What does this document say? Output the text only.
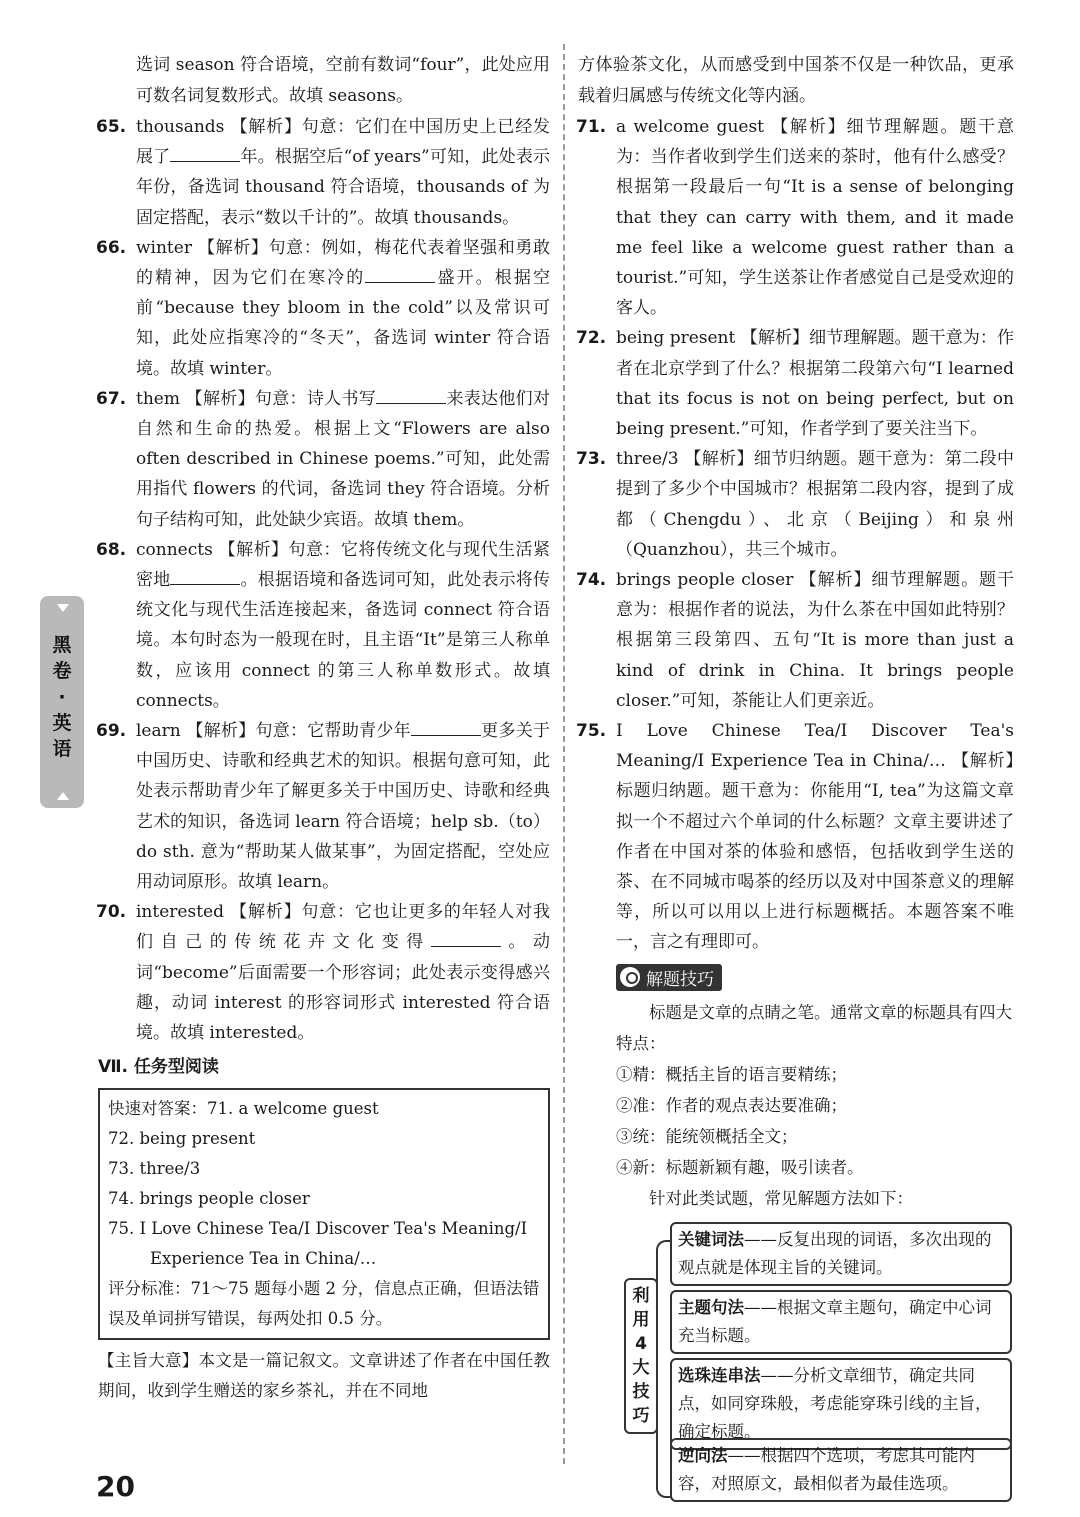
黑
卷
·
英
语

选词 season 符合语境，空前有数词“four”，此处应用可数名词复数形式。故填 seasons。

65. thousands 【解析】句意：它们在中国历史上已经发展了	年。根据空后“of years”可知，此处表示年份，备选词 thousand 符合语境，thousands of 为固定搭配，表示“数以千计的”。故填 thousands。

66. winter 【解析】句意：例如，梅花代表着坚强和勇敢的精神，因为它们在寒冷的	盛开。根据空前“because they bloom in the cold”以及常识可知，此处应指寒冷的“冬天”，备选词 winter 符合语境。故填 winter。

67. them 【解析】句意：诗人书写	来表达他们对自然和生命的热爱。根据上文“Flowers are also often described in Chinese poems.”可知，此处需用指代 flowers 的代词，备选词 they 符合语境。分析句子结构可知，此处缺少宾语。故填 them。

68. connects 【解析】句意：它将传统文化与现代生活紧密地	。根据语境和备选词可知，此处表示将传统文化与现代生活连接起来，备选词 connect 符合语境。本句时态为一般现在时，且主语“It”是第三人称单数，应该用 connect 的第三人称单数形式。故填 connects。

69. learn 【解析】句意：它帮助青少年	更多关于中国历史、诗歌和经典艺术的知识。根据句意可知，此处表示帮助青少年了解更多关于中国历史、诗歌和经典艺术的知识，备选词 learn 符合语境；help sb.（to）do sth. 意为“帮助某人做某事”，为固定搭配，空处应用动词原形。故填 learn。

70. interested 【解析】句意：它也让更多的年轻人对我们自己的传统花卉文化变得	。动词“become”后面需要一个形容词；此处表示变得感兴趣，动词 interest 的形容词形式 interested 符合语境。故填 interested。

Ⅶ. 任务型阅读
快速对答案：71. a welcome guest
72. being present
73. three/3
74. brings people closer
75. I Love Chinese Tea/I Discover Tea's Meaning/I
Experience Tea in China/…
评分标准：71～75 题每小题 2 分，信息点正确，但语法错误及单词拼写错误，每两处扣 0.5 分。

【主旨大意】本文是一篇记叙文。文章讲述了作者在中国任教期间，收到学生赠送的家乡茶礼，并在不同地

方体验茶文化，从而感受到中国茶不仅是一种饮品，更承载着归属感与传统文化等内涵。

71. a welcome guest 【解析】细节理解题。题干意为：当作者收到学生们送来的茶时，他有什么感受？根据第一段最后一句“It is a sense of belonging that they can carry with them, and it made me feel like a welcome guest rather than a tourist.”可知，学生送茶让作者感觉自己是受欢迎的客人。

72. being present 【解析】细节理解题。题干意为：作者在北京学到了什么？根据第二段第六句“I learned that its focus is not on being perfect, but on being present.”可知，作者学到了要关注当下。

73. three/3 【解析】细节归纳题。题干意为：第二段中提到了多少个中国城市？根据第二段内容，提到了成都（Chengdu）、北京（Beijing）和泉州（Quanzhou），共三个城市。

74. brings people closer 【解析】细节理解题。题干意为：根据作者的说法，为什么茶在中国如此特别？根据第三段第四、五句“It is more than just a kind of drink in China. It brings people closer.”可知，茶能让人们更亲近。

75. I Love Chinese Tea/I Discover Tea's Meaning/I Experience Tea in China/… 【解析】标题归纳题。题干意为：你能用“I, tea”为这篇文章拟一个不超过六个单词的什么标题？文章主要讲述了作者在中国对茶的体验和感悟，包括收到学生送的茶、在不同城市喝茶的经历以及对中国茶意义的理解等，所以可以用以上进行标题概括。本题答案不唯一，言之有理即可。

解题技巧
标题是文章的点睛之笔。通常文章的标题具有四大特点：
①精：概括主旨的语言要精练；
②准：作者的观点表达要准确；
③统：能统领概括全文；
④新：标题新颖有趣，吸引读者。
针对此类试题，常见解题方法如下：
利
用
4
大
技
巧
关键词法——反复出现的词语，多次出现的观点就是体现主旨的关键词。
主题句法——根据文章主题句，确定中心词充当标题。
选珠连串法——分析文章细节，确定共同点，如同穿珠般，考虑能穿珠引线的主旨，确定标题。
逆向法——根据四个选项，考虑其可能内容，对照原文，最相似者为最佳选项。
20
